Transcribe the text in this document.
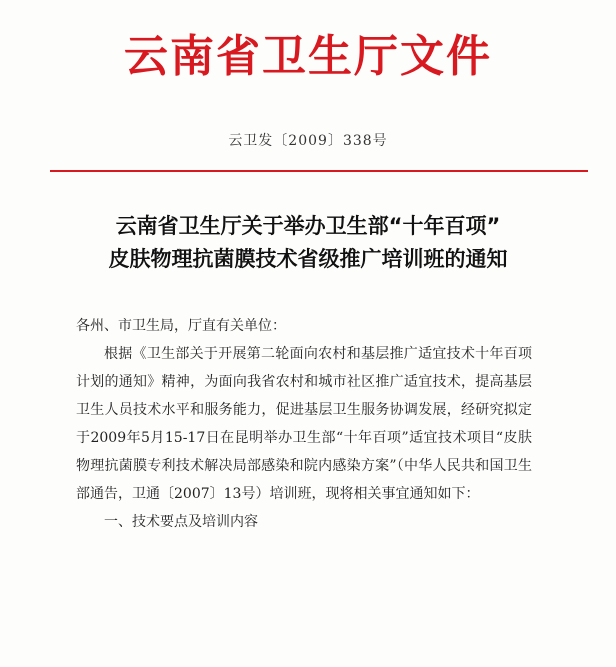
云南省卫生厅文件
云卫发〔2009〕338号
云南省卫生厅关于举办卫生部“十年百项”
皮肤物理抗菌膜技术省级推广培训班的通知

各州、市卫生局，厅直有关单位：

根据《卫生部关于开展第二轮面向农村和基层推广适宜技术十年百项计划的通知》精神，为面向我省农村和城市社区推广适宜技术，提高基层卫生人员技术水平和服务能力，促进基层卫生服务协调发展，经研究拟定于2009年5月15-17日在昆明举办卫生部“十年百项”适宜技术项目“皮肤物理抗菌膜专利技术解决局部感染和院内感染方案”（中华人民共和国卫生部通告，卫通〔2007〕13号）培训班，现将相关事宜通知如下：

一、技术要点及培训内容
